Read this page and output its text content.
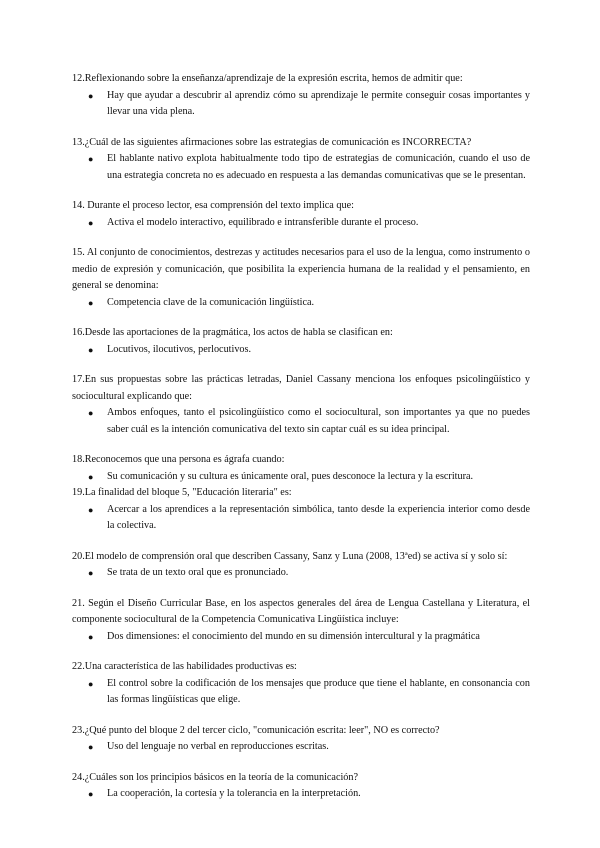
12.Reflexionando sobre la enseñanza/aprendizaje de la expresión escrita, hemos de admitir que:

● Hay que ayudar a descubrir al aprendiz cómo su aprendizaje le permite conseguir cosas importantes y llevar una vida plena.

13.¿Cuál de las siguientes afirmaciones sobre las estrategias de comunicación es INCORRECTA?

● El hablante nativo explota habitualmente todo tipo de estrategias de comunicación, cuando el uso de una estrategia concreta no es adecuado en respuesta a las demandas comunicativas que se le presentan.

14. Durante el proceso lector, esa comprensión del texto implica que:

● Activa el modelo interactivo, equilibrado e intransferible durante el proceso.

15. Al conjunto de conocimientos, destrezas y actitudes necesarios para el uso de la lengua, como instrumento o medio de expresión y comunicación, que posibilita la experiencia humana de la realidad y el pensamiento, en general se denomina:

● Competencia clave de la comunicación lingüística.

16.Desde las aportaciones de la pragmática, los actos de habla se clasifican en:

● Locutivos, ilocutivos, perlocutivos.

17.En sus propuestas sobre las prácticas letradas, Daniel Cassany menciona los enfoques psicolingüístico y sociocultural explicando que:

● Ambos enfoques, tanto el psicolingüístico como el sociocultural, son importantes ya que no puedes saber cuál es la intención comunicativa del texto sin captar cuál es su idea principal.

18.Reconocemos que una persona es ágrafa cuando:

● Su comunicación y su cultura es únicamente oral, pues desconoce la lectura y la escritura.

19.La finalidad del bloque 5, "Educación literaria" es:

● Acercar a los aprendices a la representación simbólica, tanto desde la experiencia interior como desde la colectiva.

20.El modelo de comprensión oral que describen Cassany, Sanz y Luna (2008, 13ªed) se activa sí y solo sí:

● Se trata de un texto oral que es pronunciado.

21. Según el Diseño Curricular Base, en los aspectos generales del área de Lengua Castellana y Literatura, el componente sociocultural de la Competencia Comunicativa Lingüística incluye:

● Dos dimensiones: el conocimiento del mundo en su dimensión intercultural y la pragmática

22.Una característica de las habilidades productivas es:

● El control sobre la codificación de los mensajes que produce que tiene el hablante, en consonancia con las formas lingüísticas que elige.

23.¿Qué punto del bloque 2 del tercer ciclo, "comunicación escrita: leer", NO es correcto?

● Uso del lenguaje no verbal en reproducciones escritas.

24.¿Cuáles son los principios básicos en la teoría de la comunicación?

● La cooperación, la cortesía y la tolerancia en la interpretación.
